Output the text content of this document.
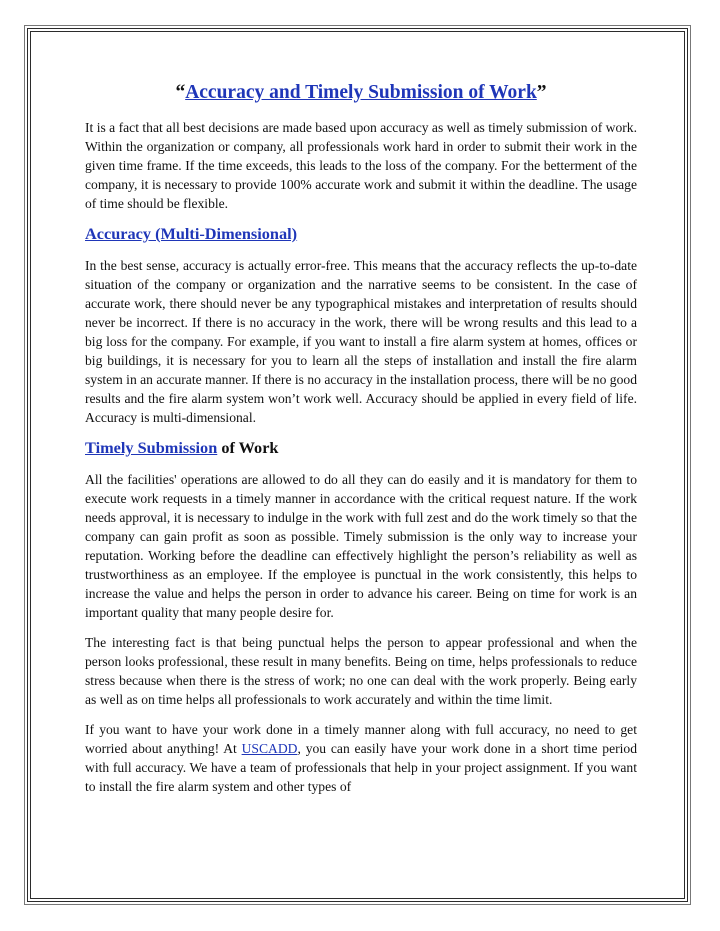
“Accuracy and Timely Submission of Work”

It is a fact that all best decisions are made based upon accuracy as well as timely submission of work. Within the organization or company, all professionals work hard in order to submit their work in the given time frame. If the time exceeds, this leads to the loss of the company. For the betterment of the company, it is necessary to provide 100% accurate work and submit it within the deadline. The usage of time should be flexible.

Accuracy (Multi-Dimensional)

In the best sense, accuracy is actually error-free. This means that the accuracy reflects the up-to-date situation of the company or organization and the narrative seems to be consistent. In the case of accurate work, there should never be any typographical mistakes and interpretation of results should never be incorrect. If there is no accuracy in the work, there will be wrong results and this lead to a big loss for the company. For example, if you want to install a fire alarm system at homes, offices or big buildings, it is necessary for you to learn all the steps of installation and install the fire alarm system in an accurate manner. If there is no accuracy in the installation process, there will be no good results and the fire alarm system won’t work well. Accuracy should be applied in every field of life. Accuracy is multi-dimensional.

Timely Submission of Work

All the facilities' operations are allowed to do all they can do easily and it is mandatory for them to execute work requests in a timely manner in accordance with the critical request nature. If the work needs approval, it is necessary to indulge in the work with full zest and do the work timely so that the company can gain profit as soon as possible. Timely submission is the only way to increase your reputation. Working before the deadline can effectively highlight the person’s reliability as well as trustworthiness as an employee. If the employee is punctual in the work consistently, this helps to increase the value and helps the person in order to advance his career. Being on time for work is an important quality that many people desire for.

The interesting fact is that being punctual helps the person to appear professional and when the person looks professional, these result in many benefits. Being on time, helps professionals to reduce stress because when there is the stress of work; no one can deal with the work properly. Being early as well as on time helps all professionals to work accurately and within the time limit.

If you want to have your work done in a timely manner along with full accuracy, no need to get worried about anything! At USCADD, you can easily have your work done in a short time period with full accuracy. We have a team of professionals that help in your project assignment. If you want to install the fire alarm system and other types of
